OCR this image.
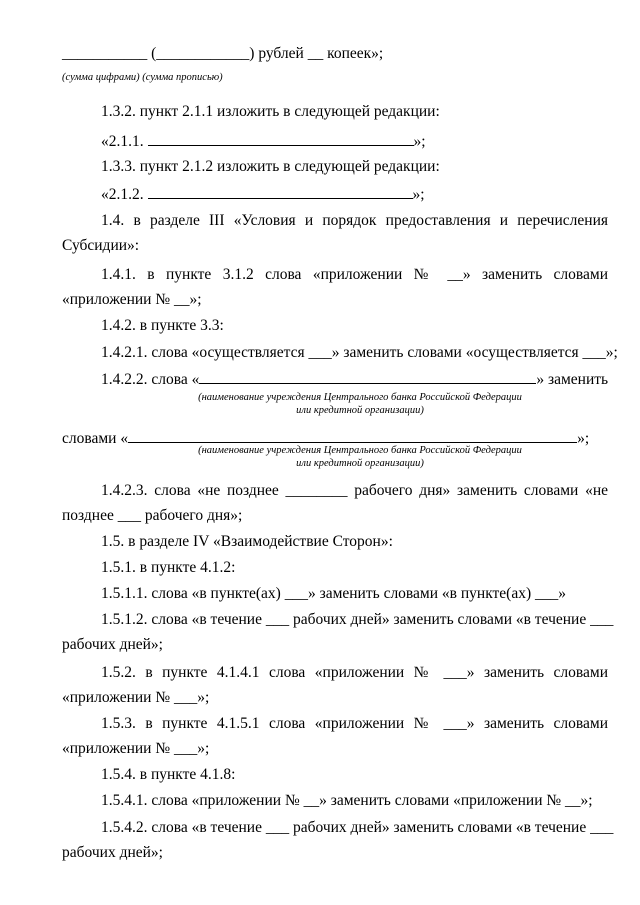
___________ (____________) рублей __ копеек»;
(сумма цифрами) (сумма прописью)
1.3.2. пункт 2.1.1 изложить в следующей редакции:
«2.1.1.	»;
1.3.3. пункт 2.1.2 изложить в следующей редакции:
«2.1.2.	»;
1.4. в разделе III «Условия и порядок предоставления и перечисления
Субсидии»:
1.4.1. в пункте 3.1.2 слова «приложении № __» заменить словами
«приложении № __»;
1.4.2. в пункте 3.3:
1.4.2.1. слова «осуществляется ___» заменить словами «осуществляется ___»;
1.4.2.2. слова «	» заменить
(наименование учреждения Центрального банка Российской Федерации
или кредитной организации)
словами «	»;
(наименование учреждения Центрального банка Российской Федерации
или кредитной организации)
1.4.2.3. слова «не позднее ________ рабочего дня» заменить словами «не
позднее ___ рабочего дня»;
1.5. в разделе IV «Взаимодействие Сторон»:
1.5.1. в пункте 4.1.2:
1.5.1.1. слова «в пункте(ах) ___» заменить словами «в пункте(ах) ___»
1.5.1.2. слова «в течение ___ рабочих дней» заменить словами «в течение ___
рабочих дней»;
1.5.2. в пункте 4.1.4.1 слова «приложении № ___» заменить словами
«приложении № ___»;
1.5.3. в пункте 4.1.5.1 слова «приложении № ___» заменить словами
«приложении № ___»;
1.5.4. в пункте 4.1.8:
1.5.4.1. слова «приложении № __» заменить словами «приложении № __»;
1.5.4.2. слова «в течение ___ рабочих дней» заменить словами «в течение ___
рабочих дней»;
